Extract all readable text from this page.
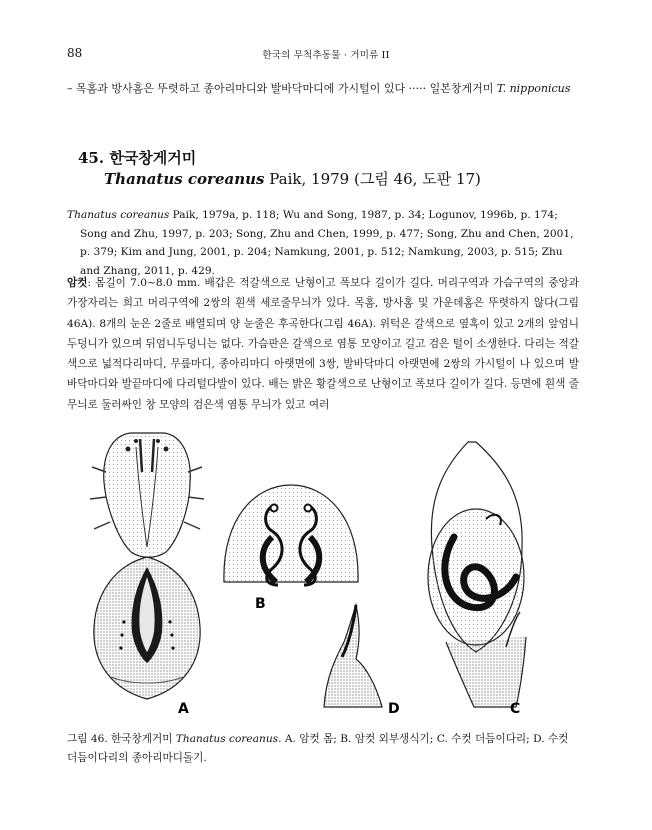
88	한국의 무척추동물 · 거미류 II
– 목홈과 방사홈은 뚜렷하고 종아리마디와 발바닥마디에 가시털이 있다 ····· 일본창게거미 T. nipponicus
45. 한국창게거미
Thanatus coreanus Paik, 1979 (그림 46, 도판 17)

Thanatus coreanus Paik, 1979a, p. 118; Wu and Song, 1987, p. 34; Logunov, 1996b, p. 174; Song and Zhu, 1997, p. 203; Song, Zhu and Chen, 1999, p. 477; Song, Zhu and Chen, 2001, p. 379; Kim and Jung, 2001, p. 204; Namkung, 2001, p. 512; Namkung, 2003, p. 515; Zhu and Zhang, 2011, p. 429.

암컷: 몸길이 7.0~8.0 mm. 배갑은 적갈색으로 난형이고 폭보다 길이가 길다. 머리구역과 가슴구역의 중앙과 가장자리는 희고 머리구역에 2쌍의 흰색 세로줄무늬가 있다. 목홈, 방사홈 및 가운데홈은 뚜렷하지 않다(그림 46A). 8개의 눈은 2줄로 배열되며 양 눈줄은 후곡한다(그림 46A). 위턱은 갈색으로 옆혹이 있고 2개의 앞엄니두덩니가 있으며 뒤엄니두덩니는 없다. 가슴판은 갈색으로 염통 모양이고 길고 검은 털이 소생한다. 다리는 적갈색으로 넓적다리마디, 무릎마디, 종아리마디 아랫면에 3쌍, 발바닥마디 아랫면에 2쌍의 가시털이 나 있으며 발바닥마디와 발끝마디에 다리털다발이 있다. 배는 밝은 황갈색으로 난형이고 폭보다 길이가 길다. 등면에 흰색 줄무늬로 둘러싸인 창 모양의 검은색 염통 무늬가 있고 여러
A
B
D	C
그림 46. 한국창게거미 Thanatus coreanus. A. 암컷 몸; B. 암컷 외부생식기; C. 수컷 더듬이다리; D. 수컷 더듬이다리의 종아리마디돌기.
